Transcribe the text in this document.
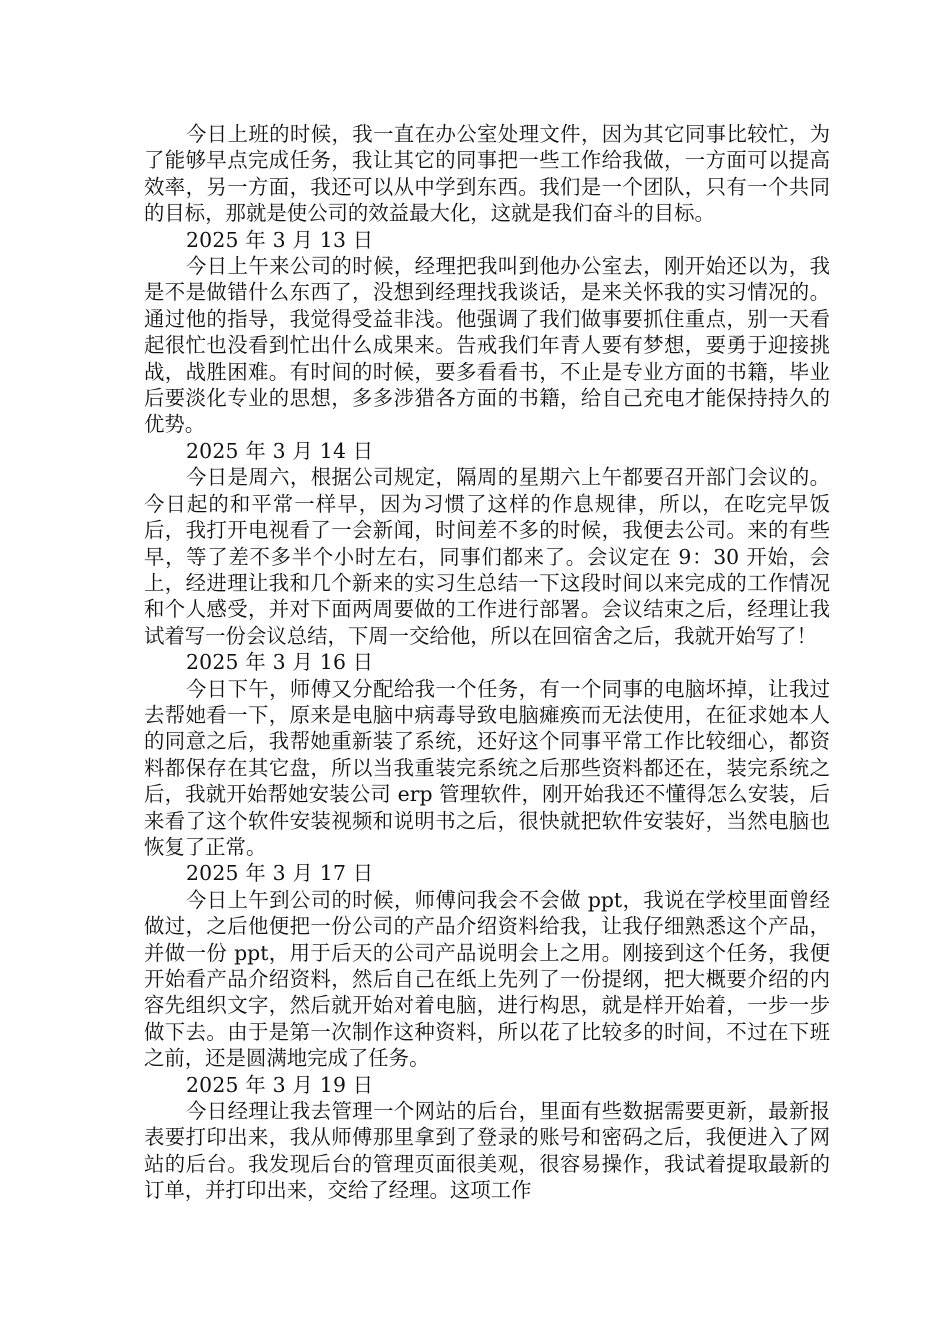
今日上班的时候，我一直在办公室处理文件，因为其它同事比较忙，为了能够早点完成任务，我让其它的同事把一些工作给我做，一方面可以提高效率，另一方面，我还可以从中学到东西。我们是一个团队，只有一个共同的目标，那就是使公司的效益最大化，这就是我们奋斗的目标。

2025 年 3 月 13 日

今日上午来公司的时候，经理把我叫到他办公室去，刚开始还以为，我是不是做错什么东西了，没想到经理找我谈话，是来关怀我的实习情况的。通过他的指导，我觉得受益非浅。他强调了我们做事要抓住重点，别一天看起很忙也没看到忙出什么成果来。告戒我们年青人要有梦想，要勇于迎接挑战，战胜困难。有时间的时候，要多看看书，不止是专业方面的书籍，毕业后要淡化专业的思想，多多涉猎各方面的书籍，给自己充电才能保持持久的优势。

2025 年 3 月 14 日

今日是周六，根据公司规定，隔周的星期六上午都要召开部门会议的。今日起的和平常一样早，因为习惯了这样的作息规律，所以，在吃完早饭后，我打开电视看了一会新闻，时间差不多的时候，我便去公司。来的有些早，等了差不多半个小时左右，同事们都来了。会议定在 9：30 开始，会上，经进理让我和几个新来的实习生总结一下这段时间以来完成的工作情况和个人感受，并对下面两周要做的工作进行部署。会议结束之后，经理让我试着写一份会议总结，下周一交给他，所以在回宿舍之后，我就开始写了！

2025 年 3 月 16 日

今日下午，师傅又分配给我一个任务，有一个同事的电脑坏掉，让我过去帮她看一下，原来是电脑中病毒导致电脑瘫痪而无法使用，在征求她本人的同意之后，我帮她重新装了系统，还好这个同事平常工作比较细心，都资料都保存在其它盘，所以当我重装完系统之后那些资料都还在，装完系统之后，我就开始帮她安装公司 erp 管理软件，刚开始我还不懂得怎么安装，后来看了这个软件安装视频和说明书之后，很快就把软件安装好，当然电脑也恢复了正常。

2025 年 3 月 17 日

今日上午到公司的时候，师傅问我会不会做 ppt，我说在学校里面曾经做过，之后他便把一份公司的产品介绍资料给我，让我仔细熟悉这个产品，并做一份 ppt，用于后天的公司产品说明会上之用。刚接到这个任务，我便开始看产品介绍资料，然后自己在纸上先列了一份提纲，把大概要介绍的内容先组织文字，然后就开始对着电脑，进行构思，就是样开始着，一步一步做下去。由于是第一次制作这种资料，所以花了比较多的时间，不过在下班之前，还是圆满地完成了任务。

2025 年 3 月 19 日

今日经理让我去管理一个网站的后台，里面有些数据需要更新，最新报表要打印出来，我从师傅那里拿到了登录的账号和密码之后，我便进入了网站的后台。我发现后台的管理页面很美观，很容易操作，我试着提取最新的订单，并打印出来，交给了经理。这项工作
